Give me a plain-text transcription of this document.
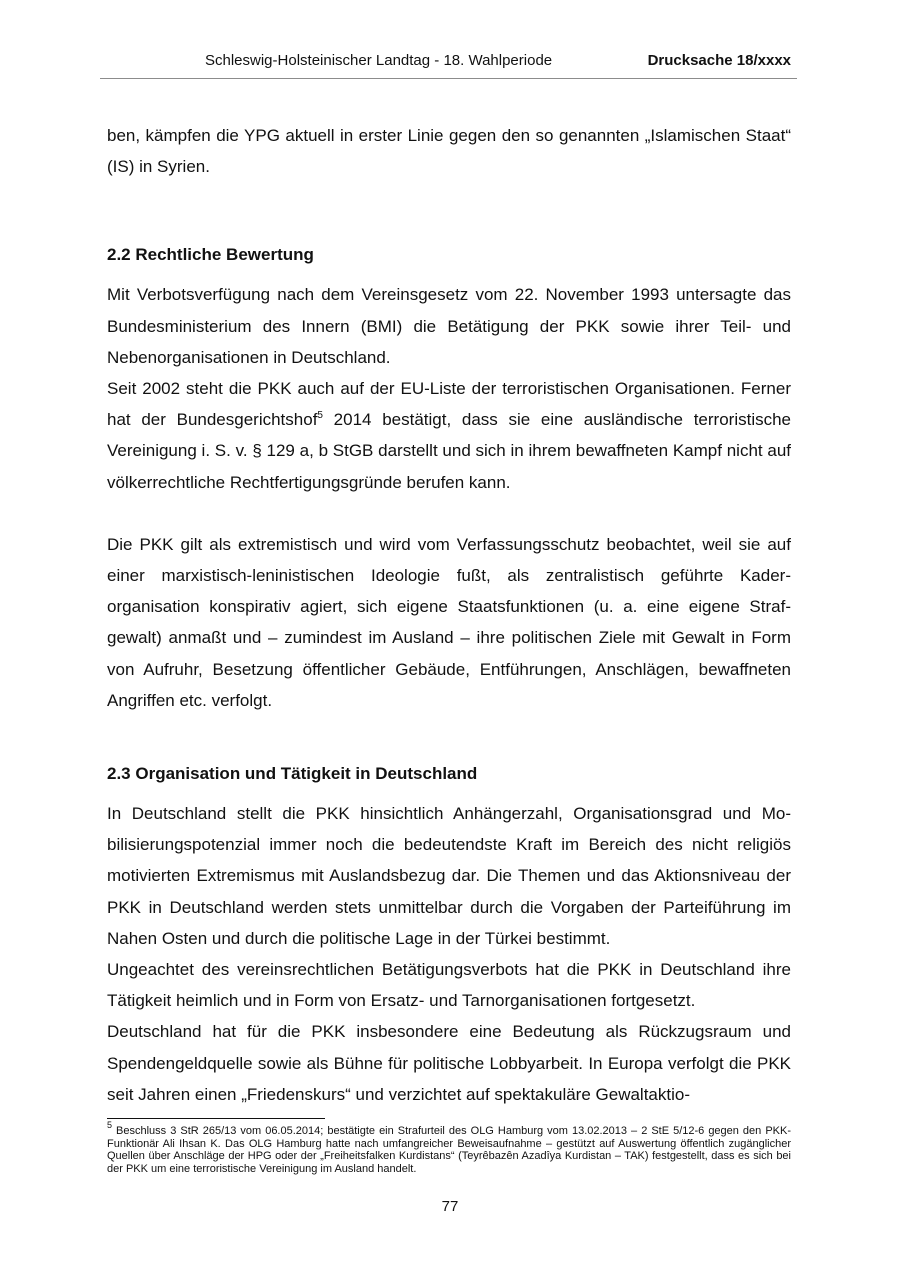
Schleswig-Holsteinischer Landtag - 18. Wahlperiode	Drucksache 18/xxxx

ben, kämpfen die YPG aktuell in erster Linie gegen den so genannten „Islamischen Staat“ (IS) in Syrien.

2.2 Rechtliche Bewertung

Mit Verbotsverfügung nach dem Vereinsgesetz vom 22. November 1993 untersagte das Bundesministerium des Innern (BMI) die Betätigung der PKK sowie ihrer Teil- und Nebenorganisationen in Deutschland.

Seit 2002 steht die PKK auch auf der EU-Liste der terroristischen Organisationen. Ferner hat der Bundesgerichtshof$^5$ 2014 bestätigt, dass sie eine ausländische terroristische Vereinigung i. S. v. § 129 a, b StGB darstellt und sich in ihrem bewaffneten Kampf nicht auf völkerrechtliche Rechtfertigungsgründe berufen kann.

Die PKK gilt als extremistisch und wird vom Verfassungsschutz beobachtet, weil sie auf einer marxistisch-leninistischen Ideologie fußt, als zentralistisch geführte Kaderorganisation konspirativ agiert, sich eigene Staatsfunktionen (u. a. eine eigene Strafgewalt) anmaßt und – zumindest im Ausland – ihre politischen Ziele mit Gewalt in Form von Aufruhr, Besetzung öffentlicher Gebäude, Entführungen, Anschlägen, bewaffneten Angriffen etc. verfolgt.

2.3 Organisation und Tätigkeit in Deutschland

In Deutschland stellt die PKK hinsichtlich Anhängerzahl, Organisationsgrad und Mobilisierungspotenzial immer noch die bedeutendste Kraft im Bereich des nicht religiös motivierten Extremismus mit Auslandsbezug dar. Die Themen und das Aktionsniveau der PKK in Deutschland werden stets unmittelbar durch die Vorgaben der Parteiführung im Nahen Osten und durch die politische Lage in der Türkei bestimmt.

Ungeachtet des vereinsrechtlichen Betätigungsverbots hat die PKK in Deutschland ihre Tätigkeit heimlich und in Form von Ersatz- und Tarnorganisationen fortgesetzt.

Deutschland hat für die PKK insbesondere eine Bedeutung als Rückzugsraum und Spendengeldquelle sowie als Bühne für politische Lobbyarbeit. In Europa verfolgt die PKK seit Jahren einen „Friedenskurs“ und verzichtet auf spektakuläre Gewaltaktio-

$^5$ Beschluss 3 StR 265/13 vom 06.05.2014; bestätigte ein Strafurteil des OLG Hamburg vom 13.02.2013 – 2 StE 5/12-6 gegen den PKK-Funktionär Ali Ihsan K. Das OLG Hamburg hatte nach umfangreicher Beweisaufnahme – gestützt auf Auswertung öffentlich zugänglicher Quellen über Anschläge der HPG oder der „Freiheitsfalken Kurdistans“ (Teyrêbazên Azadîya Kurdistan – TAK) festgestellt, dass es sich bei der PKK um eine terroristische Vereinigung im Ausland handelt.
77
